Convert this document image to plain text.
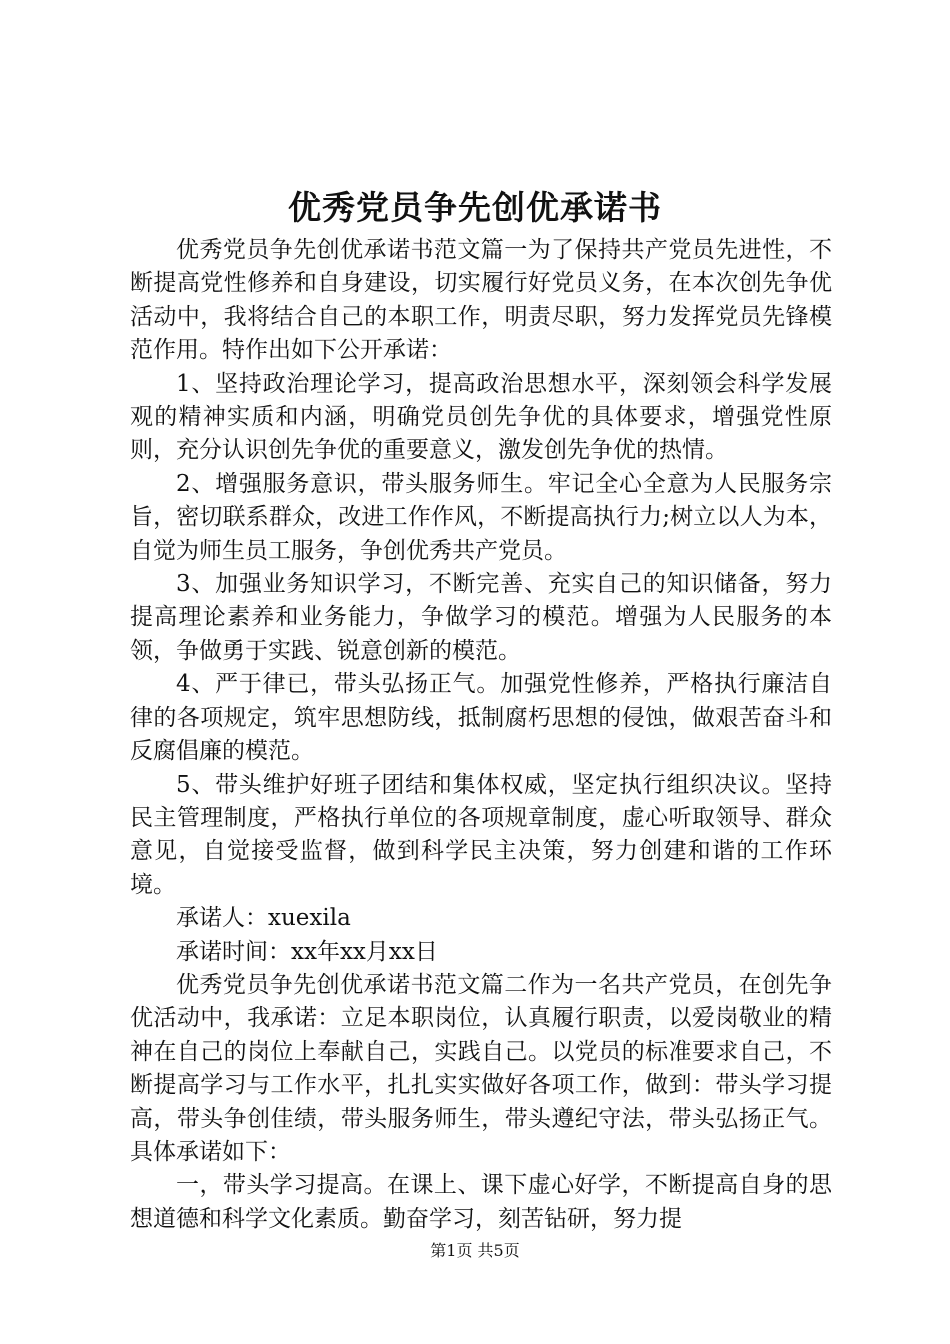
优秀党员争先创优承诺书

优秀党员争先创优承诺书范文篇一为了保持共产党员先进性，不断提高党性修养和自身建设，切实履行好党员义务，在本次创先争优活动中，我将结合自己的本职工作，明责尽职，努力发挥党员先锋模范作用。特作出如下公开承诺：

1、坚持政治理论学习，提高政治思想水平，深刻领会科学发展观的精神实质和内涵，明确党员创先争优的具体要求，增强党性原则，充分认识创先争优的重要意义，激发创先争优的热情。

2、增强服务意识，带头服务师生。牢记全心全意为人民服务宗旨，密切联系群众，改进工作作风，不断提高执行力;树立以人为本，自觉为师生员工服务，争创优秀共产党员。

3、加强业务知识学习，不断完善、充实自己的知识储备，努力提高理论素养和业务能力，争做学习的模范。增强为人民服务的本领，争做勇于实践、锐意创新的模范。

4、严于律已，带头弘扬正气。加强党性修养，严格执行廉洁自律的各项规定，筑牢思想防线，抵制腐朽思想的侵蚀，做艰苦奋斗和反腐倡廉的模范。

5、带头维护好班子团结和集体权威，坚定执行组织决议。坚持民主管理制度，严格执行单位的各项规章制度，虚心听取领导、群众意见，自觉接受监督，做到科学民主决策，努力创建和谐的工作环境。

承诺人：xuexila

承诺时间：xx年xx月xx日

优秀党员争先创优承诺书范文篇二作为一名共产党员，在创先争优活动中，我承诺：立足本职岗位，认真履行职责，以爱岗敬业的精神在自己的岗位上奉献自己，实践自己。以党员的标准要求自己，不断提高学习与工作水平，扎扎实实做好各项工作，做到：带头学习提高，带头争创佳绩，带头服务师生，带头遵纪守法，带头弘扬正气。具体承诺如下：

一，带头学习提高。在课上、课下虚心好学，不断提高自身的思想道德和科学文化素质。勤奋学习，刻苦钻研，努力提

第1页 共5页
